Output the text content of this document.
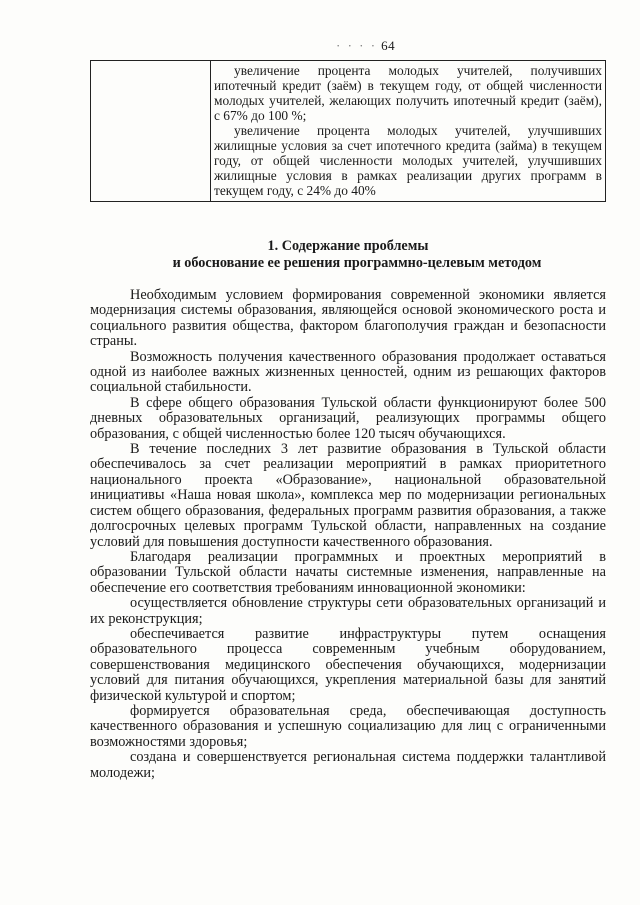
· · · · 64

увеличение процента молодых учителей, получивших ипотечный кредит (заём) в текущем году, от общей численности молодых учителей, желающих получить ипотечный кредит (заём), с 67% до 100 %;

увеличение процента молодых учителей, улучшивших жилищные условия за счет ипотечного кредита (займа) в текущем году, от общей численности молодых учителей, улучшивших жилищные условия в рамках реализации других программ в текущем году, с 24% до 40%

1. Содержание проблемы
и обоснование ее решения программно-целевым методом

Необходимым условием формирования современной экономики является модернизация системы образования, являющейся основой экономического роста и социального развития общества, фактором благополучия граждан и безопасности страны.

Возможность получения качественного образования продолжает оставаться одной из наиболее важных жизненных ценностей, одним из решающих факторов социальной стабильности.

В сфере общего образования Тульской области функционируют более 500 дневных образовательных организаций, реализующих программы общего образования, с общей численностью более 120 тысяч обучающихся.

В течение последних 3 лет развитие образования в Тульской области обеспечивалось за счет реализации мероприятий в рамках приоритетного национального проекта «Образование», национальной образовательной инициативы «Наша новая школа», комплекса мер по модернизации региональных систем общего образования, федеральных программ развития образования, а также долгосрочных целевых программ Тульской области, направленных на создание условий для повышения доступности качественного образования.

Благодаря реализации программных и проектных мероприятий в образовании Тульской области начаты системные изменения, направленные на обеспечение его соответствия требованиям инновационной экономики:

осуществляется обновление структуры сети образовательных организаций и их реконструкция;

обеспечивается развитие инфраструктуры путем оснащения образовательного процесса современным учебным оборудованием, совершенствования медицинского обеспечения обучающихся, модернизации условий для питания обучающихся, укрепления материальной базы для занятий физической культурой и спортом;

формируется образовательная среда, обеспечивающая доступность качественного образования и успешную социализацию для лиц с ограниченными возможностями здоровья;

создана и совершенствуется региональная система поддержки талантливой молодежи;
